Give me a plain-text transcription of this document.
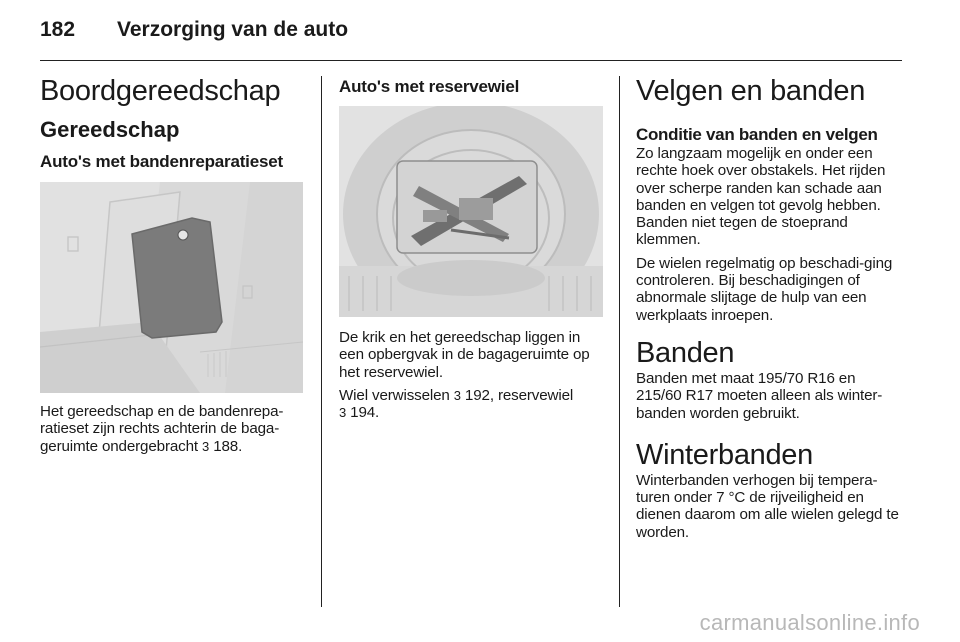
182 Verzorging van de auto
Boordgereedschap
Gereedschap
Auto's met bandenreparatieset

Het gereedschap en de bandenrepa-ratieset zijn rechts achterin de baga-geruimte ondergebracht 3 188.

Auto's met reservewiel

De krik en het gereedschap liggen in een opbergvak in de bagageruimte op het reservewiel.

Wiel verwisselen 3 192, reservewiel
3 194.

Velgen en banden
Conditie van banden en velgen

Zo langzaam mogelijk en onder een rechte hoek over obstakels. Het rijden over scherpe randen kan schade aan banden en velgen tot gevolg hebben. Banden niet tegen de stoeprand klemmen.

De wielen regelmatig op beschadi-ging controleren. Bij beschadigingen of abnormale slijtage de hulp van een werkplaats inroepen.

Banden

Banden met maat 195/70 R16 en 215/60 R17 moeten alleen als winter-banden worden gebruikt.

Winterbanden

Winterbanden verhogen bij tempera-turen onder 7 °C de rijveiligheid en dienen daarom om alle wielen gelegd te worden.

carmanualsonline.info
